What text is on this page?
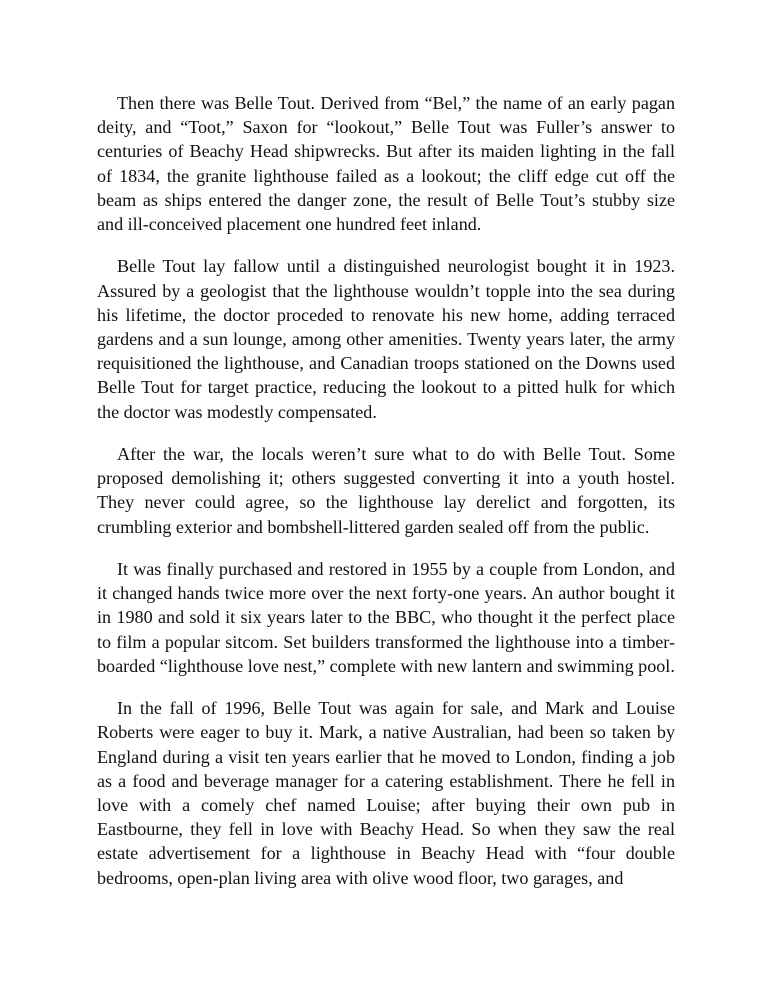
Then there was Belle Tout. Derived from “Bel,” the name of an early pagan deity, and “Toot,” Saxon for “lookout,” Belle Tout was Fuller’s answer to centuries of Beachy Head shipwrecks. But after its maiden lighting in the fall of 1834, the granite lighthouse failed as a lookout; the cliff edge cut off the beam as ships entered the danger zone, the result of Belle Tout’s stubby size and ill-conceived placement one hundred feet inland.

Belle Tout lay fallow until a distinguished neurologist bought it in 1923. Assured by a geologist that the lighthouse wouldn’t topple into the sea during his lifetime, the doctor proceded to renovate his new home, adding terraced gardens and a sun lounge, among other amenities. Twenty years later, the army requisitioned the lighthouse, and Canadian troops stationed on the Downs used Belle Tout for target practice, reducing the lookout to a pitted hulk for which the doctor was modestly compensated.

After the war, the locals weren’t sure what to do with Belle Tout. Some proposed demolishing it; others suggested converting it into a youth hostel. They never could agree, so the lighthouse lay derelict and forgotten, its crumbling exterior and bombshell-littered garden sealed off from the public.

It was finally purchased and restored in 1955 by a couple from London, and it changed hands twice more over the next forty-one years. An author bought it in 1980 and sold it six years later to the BBC, who thought it the perfect place to film a popular sitcom. Set builders transformed the lighthouse into a timber-boarded “lighthouse love nest,” complete with new lantern and swimming pool.

In the fall of 1996, Belle Tout was again for sale, and Mark and Louise Roberts were eager to buy it. Mark, a native Australian, had been so taken by England during a visit ten years earlier that he moved to London, finding a job as a food and beverage manager for a catering establishment. There he fell in love with a comely chef named Louise; after buying their own pub in Eastbourne, they fell in love with Beachy Head. So when they saw the real estate advertisement for a lighthouse in Beachy Head with “four double bedrooms, open-plan living area with olive wood floor, two garages, and
